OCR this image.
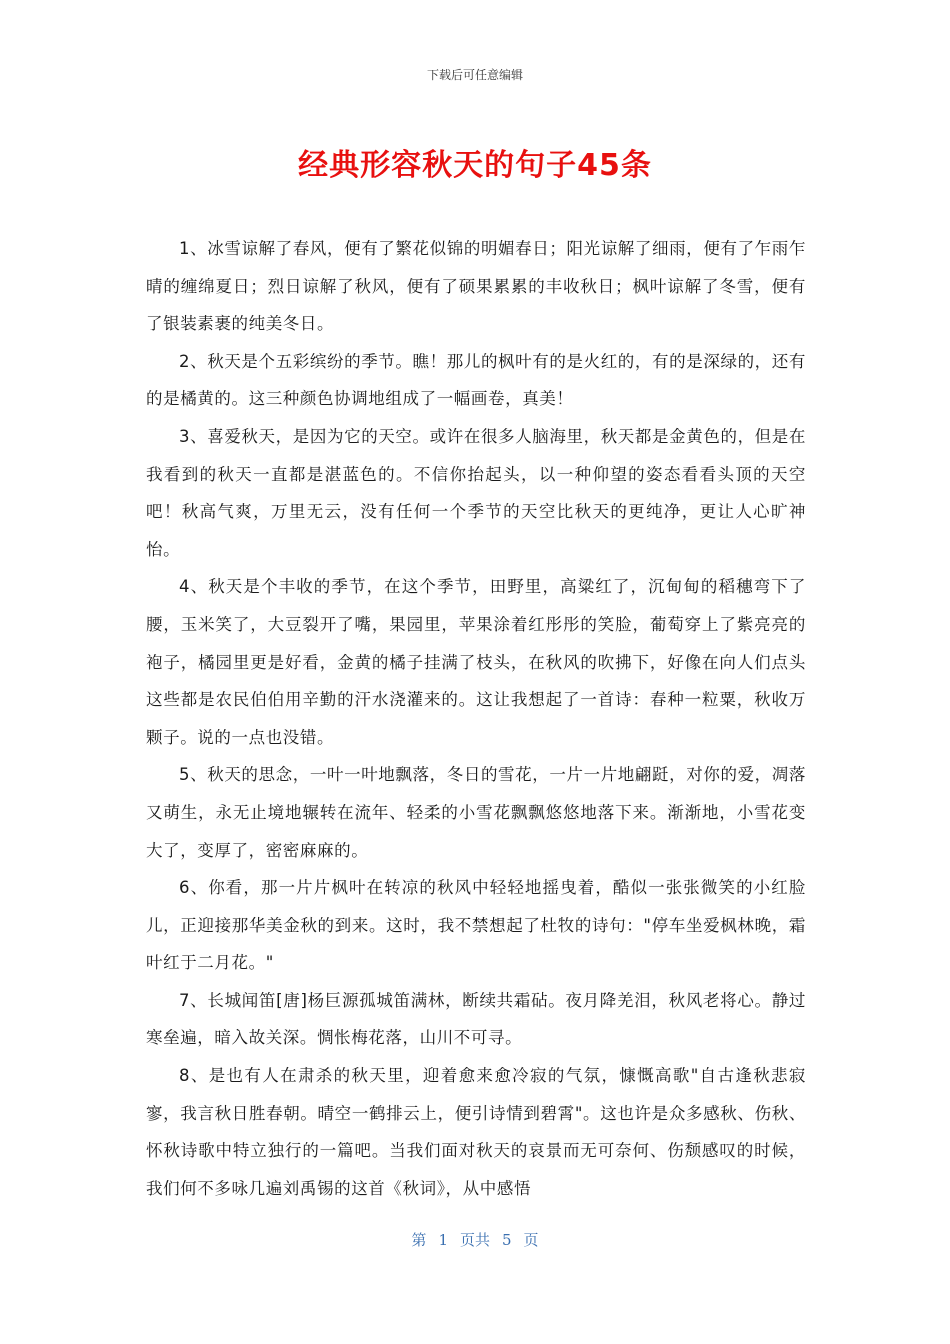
下载后可任意编辑
经典形容秋天的句子45条

1、冰雪谅解了春风，便有了繁花似锦的明媚春日；阳光谅解了细雨，便有了乍雨乍晴的缠绵夏日；烈日谅解了秋风，便有了硕果累累的丰收秋日；枫叶谅解了冬雪，便有了银装素裹的纯美冬日。

2、秋天是个五彩缤纷的季节。瞧！那儿的枫叶有的是火红的，有的是深绿的，还有的是橘黄的。这三种颜色协调地组成了一幅画卷，真美！

3、喜爱秋天，是因为它的天空。或许在很多人脑海里，秋天都是金黄色的，但是在我看到的秋天一直都是湛蓝色的。不信你抬起头，以一种仰望的姿态看看头顶的天空吧！秋高气爽，万里无云，没有任何一个季节的天空比秋天的更纯净，更让人心旷神怡。

4、秋天是个丰收的季节，在这个季节，田野里，高粱红了，沉甸甸的稻穗弯下了腰，玉米笑了，大豆裂开了嘴，果园里，苹果涂着红彤彤的笑脸，葡萄穿上了紫亮亮的袍子，橘园里更是好看，金黄的橘子挂满了枝头，在秋风的吹拂下，好像在向人们点头这些都是农民伯伯用辛勤的汗水浇灌来的。这让我想起了一首诗：春种一粒粟，秋收万颗子。说的一点也没错。

5、秋天的思念，一叶一叶地飘落，冬日的雪花，一片一片地翩跹，对你的爱，凋落又萌生，永无止境地辗转在流年、轻柔的小雪花飘飘悠悠地落下来。渐渐地，小雪花变大了，变厚了，密密麻麻的。

6、你看，那一片片枫叶在转凉的秋风中轻轻地摇曳着，酷似一张张微笑的小红脸儿，正迎接那华美金秋的到来。这时，我不禁想起了杜牧的诗句："停车坐爱枫林晚，霜叶红于二月花。"

7、长城闻笛[唐]杨巨源孤城笛满林，断续共霜砧。夜月降羌泪，秋风老将心。静过寒垒遍，暗入故关深。惆怅梅花落，山川不可寻。

8、是也有人在肃杀的秋天里，迎着愈来愈冷寂的气氛，慷慨高歌"自古逢秋悲寂寥，我言秋日胜春朝。晴空一鹤排云上，便引诗情到碧霄"。这也许是众多感秋、伤秋、怀秋诗歌中特立独行的一篇吧。当我们面对秋天的哀景而无可奈何、伤颓感叹的时候，我们何不多咏几遍刘禹锡的这首《秋词》，从中感悟

第 1 页共 5 页
